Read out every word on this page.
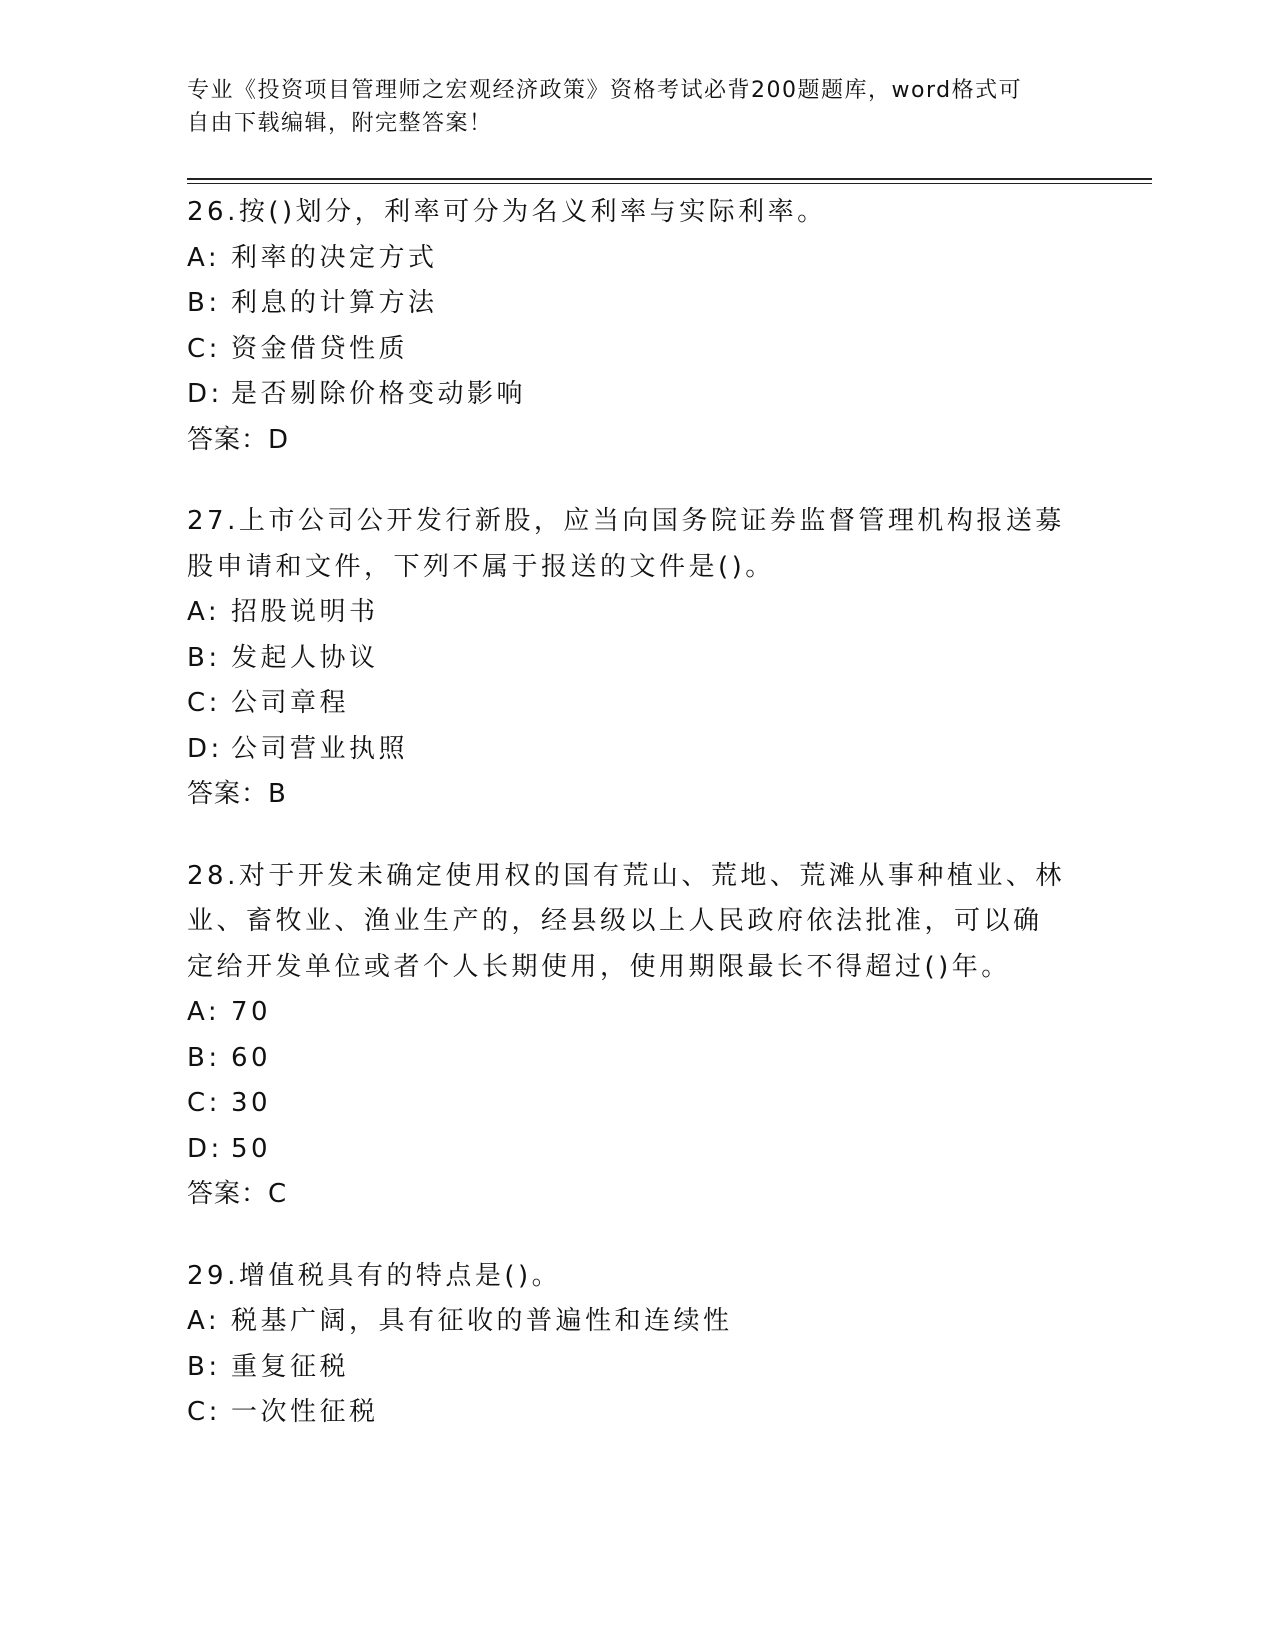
专业《投资项目管理师之宏观经济政策》资格考试必背200题题库，word格式可
自由下载编辑，附完整答案！
26.按()划分，利率可分为名义利率与实际利率。
A: 利率的决定方式
B: 利息的计算方法
C: 资金借贷性质
D: 是否剔除价格变动影响
答案：D
27.上市公司公开发行新股，应当向国务院证券监督管理机构报送募股申请和文件，下列不属于报送的文件是()。
A: 招股说明书
B: 发起人协议
C: 公司章程
D: 公司营业执照
答案：B
28.对于开发未确定使用权的国有荒山、荒地、荒滩从事种植业、林业、畜牧业、渔业生产的，经县级以上人民政府依法批准，可以确定给开发单位或者个人长期使用，使用期限最长不得超过()年。
A: 70
B: 60
C: 30
D: 50
答案：C
29.增值税具有的特点是()。
A: 税基广阔，具有征收的普遍性和连续性
B: 重复征税
C: 一次性征税
